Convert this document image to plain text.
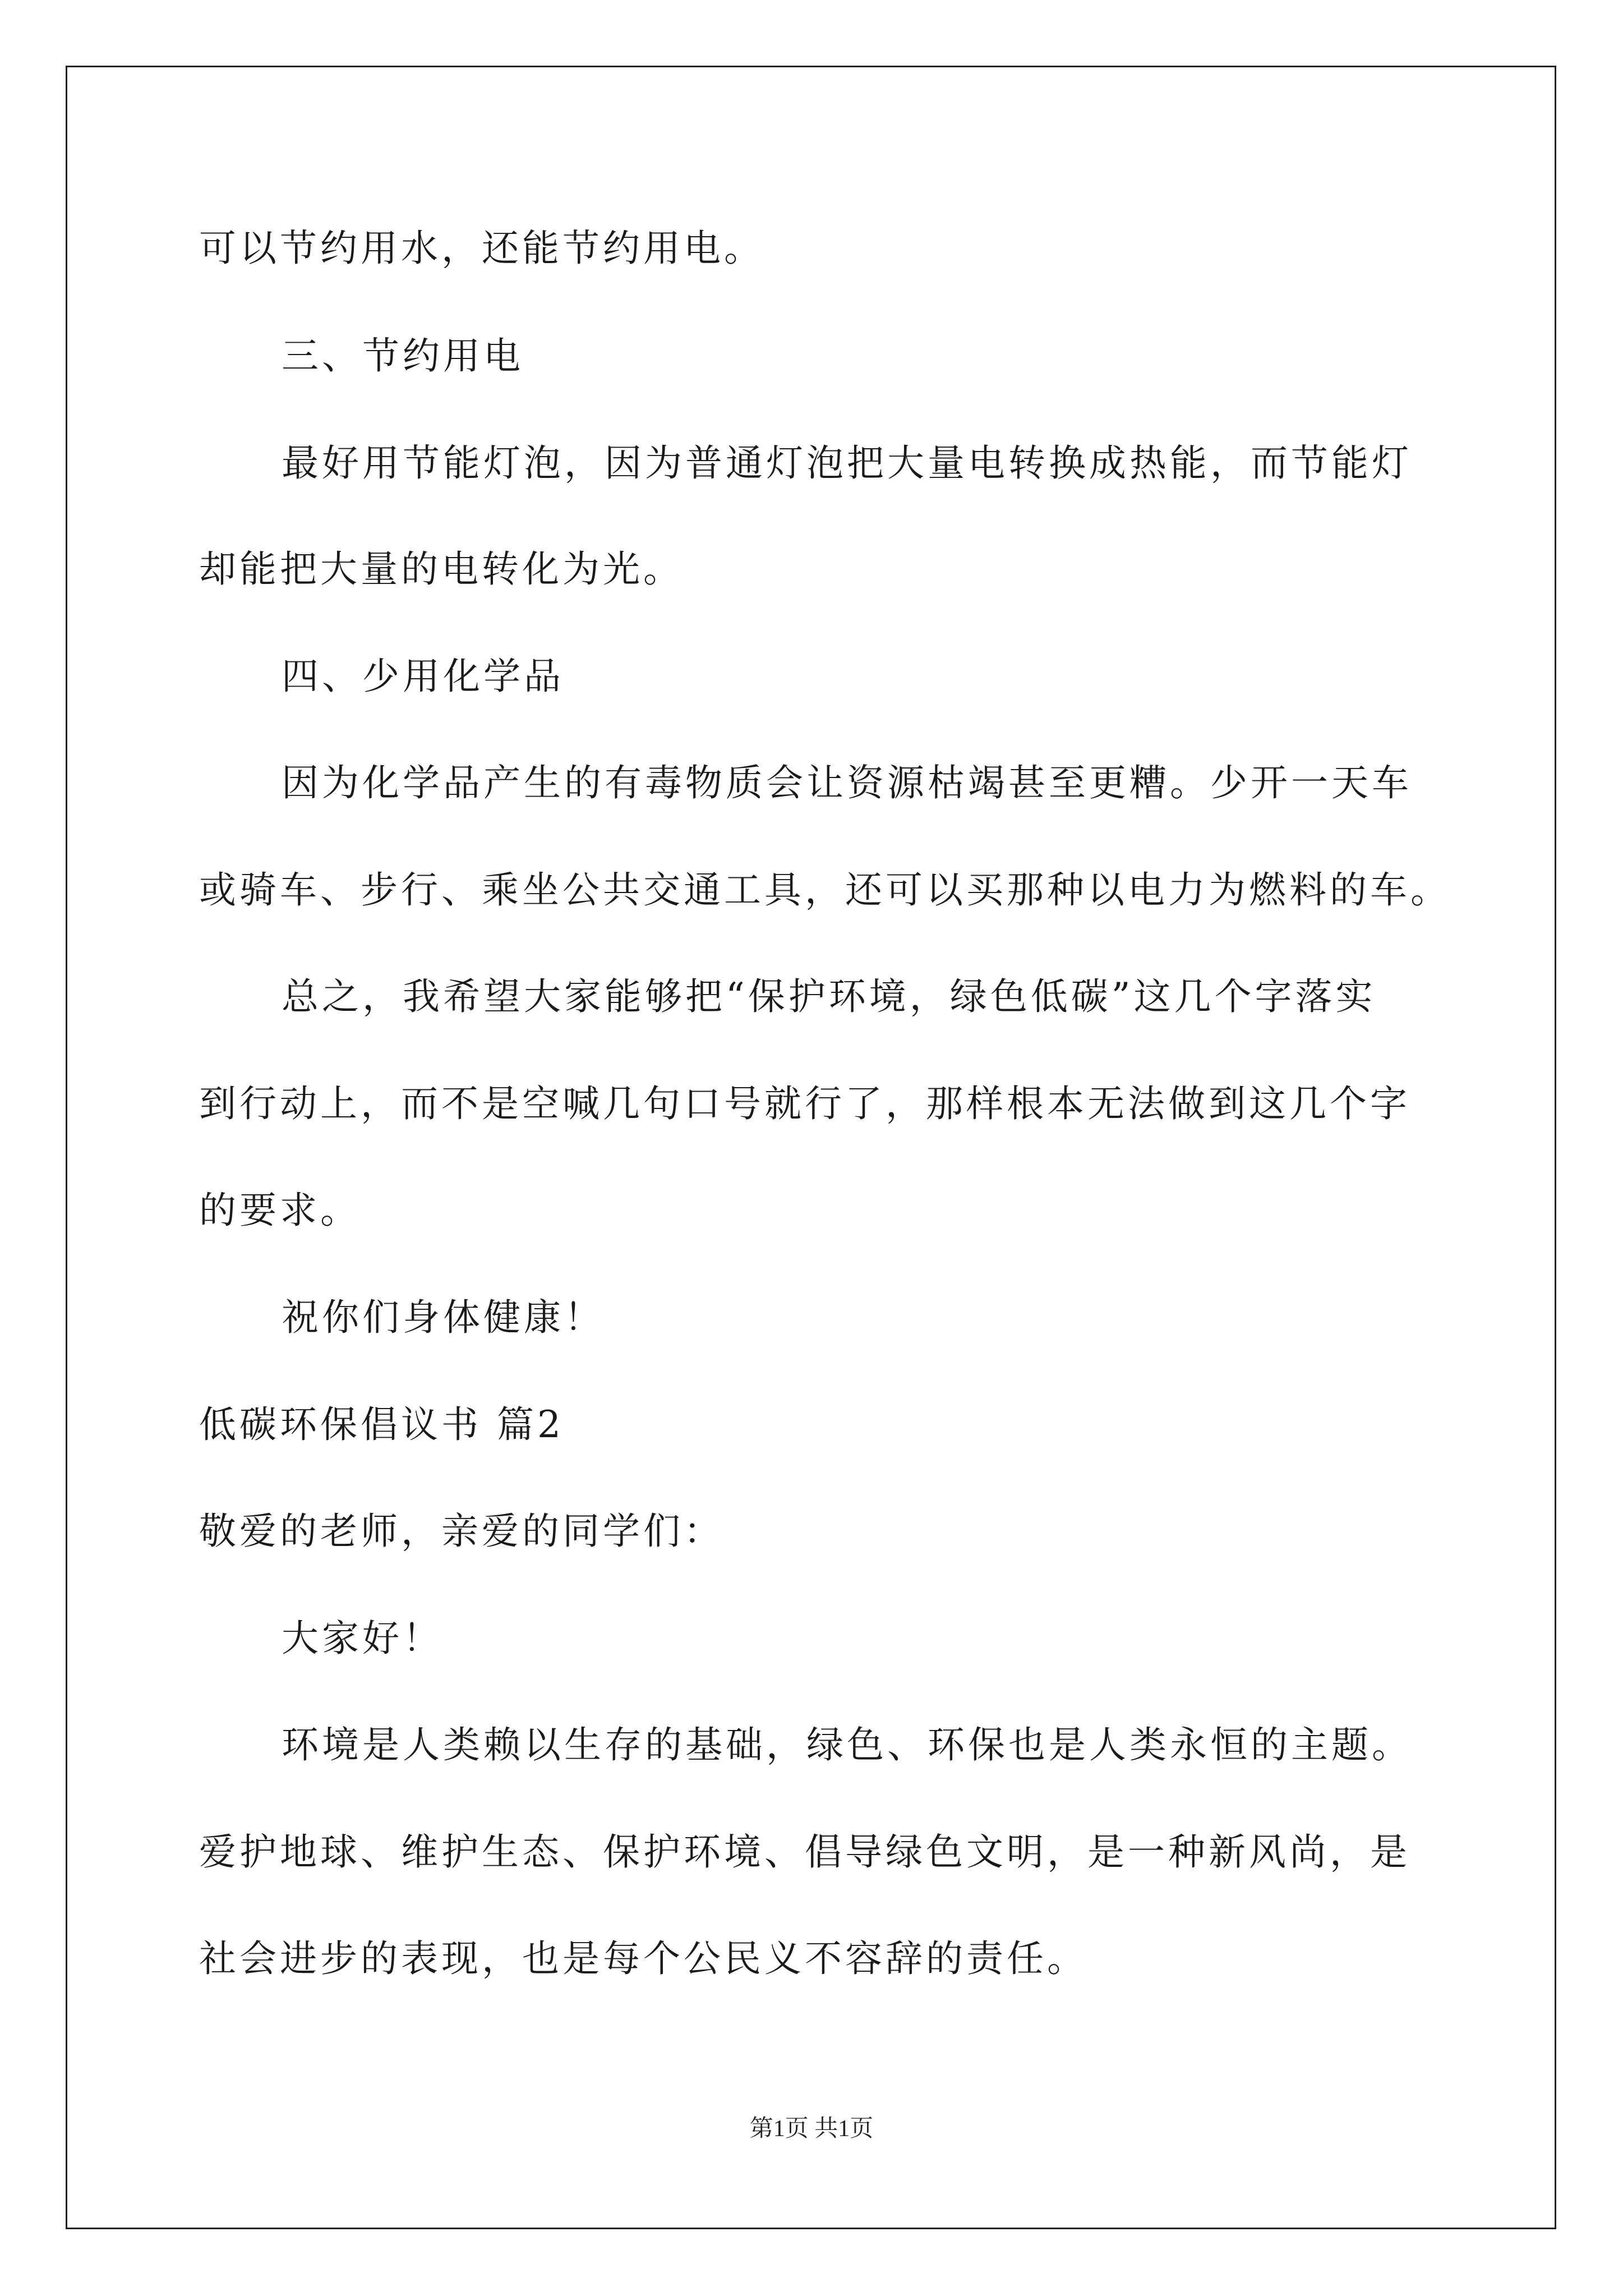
可以节约用水，还能节约用电。
三、节约用电
最好用节能灯泡，因为普通灯泡把大量电转换成热能，而节能灯
却能把大量的电转化为光。
四、少用化学品
因为化学品产生的有毒物质会让资源枯竭甚至更糟。少开一天车
或骑车、步行、乘坐公共交通工具，还可以买那种以电力为燃料的车。
总之，我希望大家能够把“保护环境，绿色低碳”这几个字落实
到行动上，而不是空喊几句口号就行了，那样根本无法做到这几个字
的要求。
祝你们身体健康！
低碳环保倡议书 篇2
敬爱的老师，亲爱的同学们：
大家好！
环境是人类赖以生存的基础，绿色、环保也是人类永恒的主题。
爱护地球、维护生态、保护环境、倡导绿色文明，是一种新风尚，是
社会进步的表现，也是每个公民义不容辞的责任。
第1页 共1页
